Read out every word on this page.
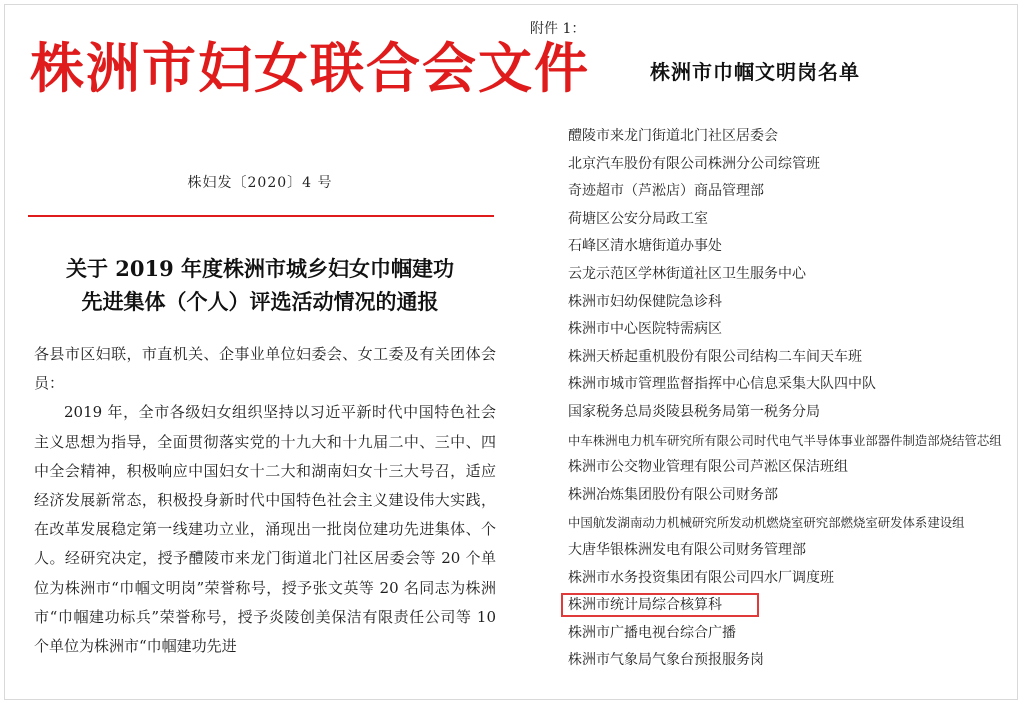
株洲市妇女联合会文件
株妇发〔2020〕4 号
关于 2019 年度株洲市城乡妇女巾帼建功
先进集体（个人）评选活动情况的通报

各县市区妇联，市直机关、企事业单位妇委会、女工委及有关团体会员：

2019 年，全市各级妇女组织坚持以习近平新时代中国特色社会主义思想为指导，全面贯彻落实党的十九大和十九届二中、三中、四中全会精神，积极响应中国妇女十二大和湖南妇女十三大号召，适应经济发展新常态，积极投身新时代中国特色社会主义建设伟大实践，在改革发展稳定第一线建功立业，涌现出一批岗位建功先进集体、个人。经研究决定，授予醴陵市来龙门街道北门社区居委会等 20 个单位为株洲市“巾帼文明岗”荣誉称号，授予张文英等 20 名同志为株洲市“巾帼建功标兵”荣誉称号，授予炎陵创美保洁有限责任公司等 10 个单位为株洲市“巾帼建功先进

附件 1：
株洲市巾帼文明岗名单
醴陵市来龙门街道北门社区居委会
北京汽车股份有限公司株洲分公司综管班
奇迹超市（芦淞店）商品管理部
荷塘区公安分局政工室
石峰区清水塘街道办事处
云龙示范区学林街道社区卫生服务中心
株洲市妇幼保健院急诊科
株洲市中心医院特需病区
株洲天桥起重机股份有限公司结构二车间天车班
株洲市城市管理监督指挥中心信息采集大队四中队
国家税务总局炎陵县税务局第一税务分局
中车株洲电力机车研究所有限公司时代电气半导体事业部器件制造部烧结管芯组
株洲市公交物业管理有限公司芦淞区保洁班组
株洲冶炼集团股份有限公司财务部
中国航发湖南动力机械研究所发动机燃烧室研究部燃烧室研发体系建设组
大唐华银株洲发电有限公司财务管理部
株洲市水务投资集团有限公司四水厂调度班
株洲市统计局综合核算科
株洲市广播电视台综合广播
株洲市气象局气象台预报服务岗
